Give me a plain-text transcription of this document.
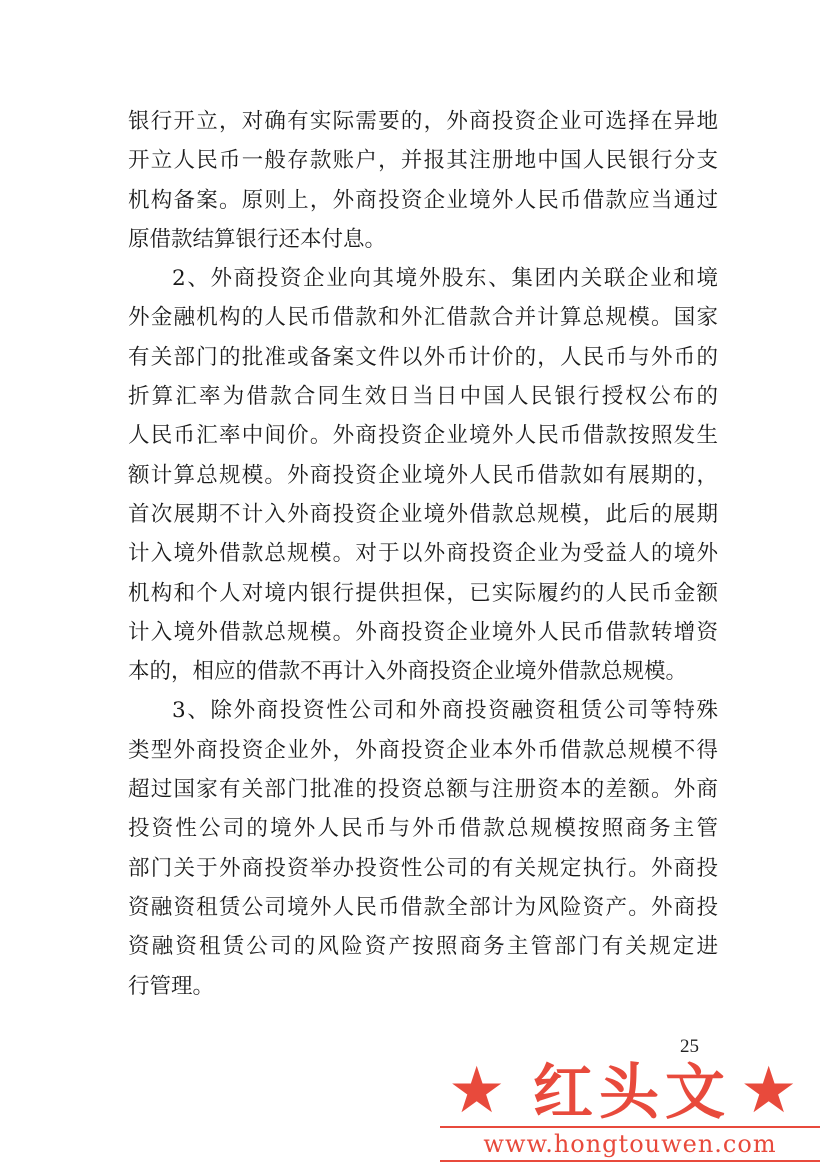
银行开立，对确有实际需要的，外商投资企业可选择在异地
开立人民币一般存款账户，并报其注册地中国人民银行分支
机构备案。原则上，外商投资企业境外人民币借款应当通过
原借款结算银行还本付息。
2、外商投资企业向其境外股东、集团内关联企业和境
外金融机构的人民币借款和外汇借款合并计算总规模。国家
有关部门的批准或备案文件以外币计价的，人民币与外币的
折算汇率为借款合同生效日当日中国人民银行授权公布的
人民币汇率中间价。外商投资企业境外人民币借款按照发生
额计算总规模。外商投资企业境外人民币借款如有展期的，
首次展期不计入外商投资企业境外借款总规模，此后的展期
计入境外借款总规模。对于以外商投资企业为受益人的境外
机构和个人对境内银行提供担保，已实际履约的人民币金额
计入境外借款总规模。外商投资企业境外人民币借款转增资
本的，相应的借款不再计入外商投资企业境外借款总规模。
3、除外商投资性公司和外商投资融资租赁公司等特殊
类型外商投资企业外，外商投资企业本外币借款总规模不得
超过国家有关部门批准的投资总额与注册资本的差额。外商
投资性公司的境外人民币与外币借款总规模按照商务主管
部门关于外商投资举办投资性公司的有关规定执行。外商投
资融资租赁公司境外人民币借款全部计为风险资产。外商投
资融资租赁公司的风险资产按照商务主管部门有关规定进
行管理。
25
★ 红头文 ★
www.hongtouwen.com
